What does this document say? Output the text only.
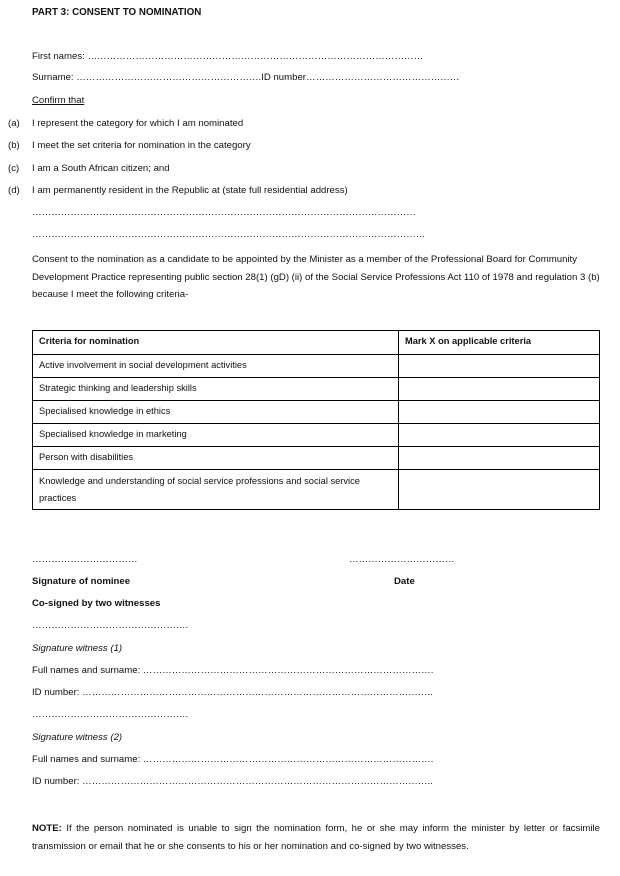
PART 3: CONSENT TO NOMINATION
First names: ……………………………………………………………………………………………
Surname: ………………………………………………….ID number…………………………………………
Confirm that
(a) I represent the category for which I am nominated
(b) I meet the set criteria for nomination in the category
(c) I am a South African citizen; and
(d) I am permanently resident in the Republic at (state full residential address)
…………………………………………………………………………………………………………
……………………………………………………………………………………………………………
Consent to the nomination as a candidate to be appointed by the Minister as a member of the Professional Board for Community Development Practice representing public section 28(1) (gD) (ii) of the Social Service Professions Act 110 of 1978 and regulation 3 (b) because I meet the following criteria-
Criteria for nomination	Mark X on applicable criteria
Active involvement in social development activities	
Strategic thinking and leadership skills	
Specialised knowledge in ethics	
Specialised knowledge in marketing	
Person with disabilities	
Knowledge and understanding of social service professions and social service practices	
……………………………	……………………………
Signature of nominee	Date
Co-signed by two witnesses
………………………………………….
Signature witness (1)
Full names and surname: ……………………………………………………………………………….
ID number: ………………………………………………………………………………………………..
………………………………………….
Signature witness (2)
Full names and surname: ……………………………………………………………………………….
ID number: ………………………………………………………………………………………………..
NOTE: If the person nominated is unable to sign the nomination form, he or she may inform the minister by letter or facsimile transmission or email that he or she consents to his or her nomination and co-signed by two witnesses.
